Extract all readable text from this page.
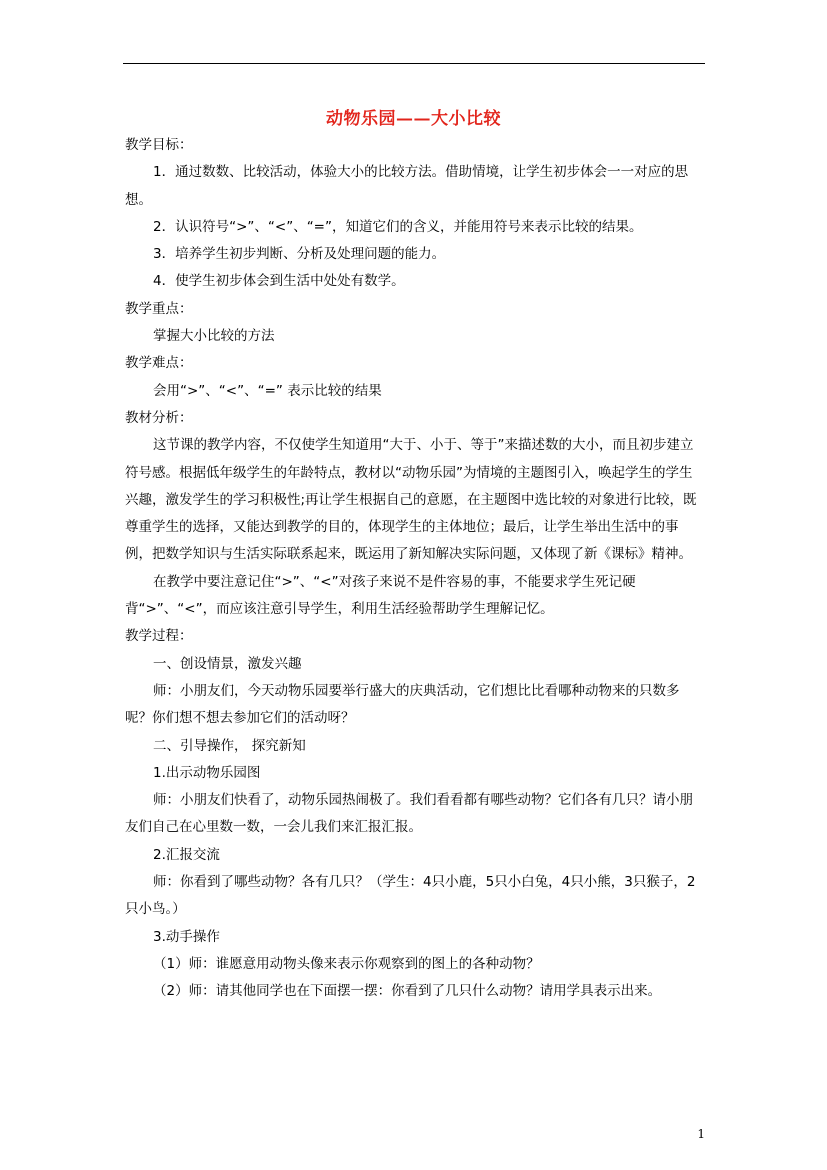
动物乐园——大小比较

教学目标：

1．通过数数、比较活动，体验大小的比较方法。借助情境，让学生初步体会一一对应的思想。

2．认识符号“>”、“<”、“=”，知道它们的含义，并能用符号来表示比较的结果。

3．培养学生初步判断、分析及处理问题的能力。

4．使学生初步体会到生活中处处有数学。

教学重点：

掌握大小比较的方法

教学难点：

会用“>”、“<”、“=” 表示比较的结果

教材分析：

这节课的教学内容，不仅使学生知道用“大于、小于、等于”来描述数的大小，而且初步建立符号感。根据低年级学生的年龄特点，教材以“动物乐园”为情境的主题图引入，唤起学生的学生兴趣，激发学生的学习积极性;再让学生根据自己的意愿，在主题图中选比较的对象进行比较，既尊重学生的选择，又能达到教学的目的，体现学生的主体地位；最后，让学生举出生活中的事例，把数学知识与生活实际联系起来，既运用了新知解决实际问题，又体现了新《课标》精神。

在教学中要注意记住“>”、“<”对孩子来说不是件容易的事，不能要求学生死记硬背“>”、“<”，而应该注意引导学生，利用生活经验帮助学生理解记忆。

教学过程：

一、创设情景，激发兴趣

师：小朋友们，今天动物乐园要举行盛大的庆典活动，它们想比比看哪种动物来的只数多呢？你们想不想去参加它们的活动呀？

二、引导操作， 探究新知

1.出示动物乐园图

师：小朋友们快看了，动物乐园热闹极了。我们看看都有哪些动物？它们各有几只？请小朋友们自己在心里数一数，一会儿我们来汇报汇报。

2.汇报交流

师：你看到了哪些动物？各有几只？（学生：4只小鹿，5只小白兔，4只小熊，3只猴子，2只小鸟。）

3.动手操作

（1）师：谁愿意用动物头像来表示你观察到的图上的各种动物？

（2）师：请其他同学也在下面摆一摆：你看到了几只什么动物？请用学具表示出来。

1
